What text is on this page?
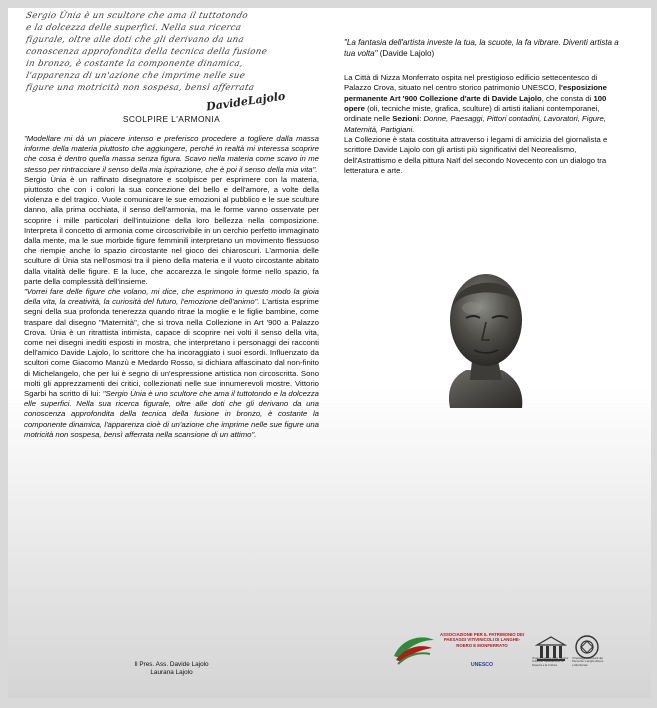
Sergio Ùnia è un scultore che ama il tuttotondo
e la dolcezza delle superfici. Nella sua ricerca
figurale, oltre alle doti che gli derivano da una
conoscenza approfondita della tecnica della fusione
in bronzo, è costante la componente dinamica,
l'apparenza di un'azione che imprime nelle sue
figure una motricità non sospesa, bensì afferrata
DavideLajolo
SCOLPIRE L'ARMONIA

"Modellare mi dà un piacere intenso e preferisco procedere a togliere dalla massa informe della materia piuttosto che aggiungere, perché in realtà mi interessa scoprire che cosa è dentro quella massa senza figura. Scavo nella materia come scavo in me stesso per rintracciare il senso della mia ispirazione, che è poi il senso della mia vita".
Sergio Ùnia è un raffinato disegnatore e scolpisce per esprimere con la materia, piuttosto che con i colori la sua concezione del bello e dell'amore, a volte della violenza e del tragico. Vuole comunicare le sue emozioni al pubblico e le sue sculture danno, alla prima occhiata, il senso dell'armonia, ma le forme vanno osservate per scoprire i mille particolari dell'intuizione della loro bellezza nella composizione. Interpreta il concetto di armonia come circoscrivibile in un cerchio perfetto immaginato dalla mente, ma le sue morbide figure femminili interpretano un movimento flessuoso che riempie anche lo spazio circostante nel gioco dei chiaroscuri. L'armonia delle sculture di Ùnia sta nell'osmosi tra il pieno della materia e il vuoto circostante abitato dalla vitalità delle figure. E la luce, che accarezza le singole forme nello spazio, fa parte della complessità dell'insieme.
"Vorrei fare delle figure che volano, mi dice, che esprimono in questo modo la gioia della vita, la creatività, la curiosità del futuro, l'emozione dell'animo". L'artista esprime segni della sua profonda tenerezza quando ritrae la moglie e le figlie bambine, come traspare dal disegno "Maternità", che si trova nella Collezione in Art '900 a Palazzo Crova. Ùnia è un ritrattista intimista, capace di scoprire nei volti il senso della vita, come nei disegni inediti esposti in mostra, che interpretano i personaggi dei racconti dell'amico Davide Lajolo, lo scrittore che ha incoraggiato i suoi esordi. Influenzato da scultori come Giacomo Manzù e Medardo Rosso, si dichiara affascinato dal non-finito di Michelangelo, che per lui è segno di un'espressione artistica non circoscritta. Sono molti gli apprezzamenti dei critici, collezionati nelle sue innumerevoli mostre. Vittorio Sgarbi ha scritto di lui: "Sergio Ùnia è uno scultore che ama il tuttotondo e la dolcezza elle superfici. Nella sua ricerca figurale, oltre alle doti che gli derivano da una conoscenza approfondita della tecnica della fusione in bronzo, è costante la componente dinamica, l'apparenza cioè di un'azione che imprime nelle sue figure una motricità non sospesa, bensì afferrata nella scansione di un attimo".

Il Pres. Ass. Davide Lajolo
Laurana Lajolo

"La fantasia dell'artista investe la tua, la scuote, la fa vibrare. Diventi artista a tua volta" (Davide Lajolo)

La Città di Nizza Monferrato ospita nel prestigioso edificio settecentesco di Palazzo Crova, situato nel centro storico patrimonio UNESCO, l'esposizione permanente Art '900 Collezione d'arte di Davide Lajolo, che consta di 100 opere (oli, tecniche miste, grafica, sculture) di artisti italiani contemporanei, ordinate nelle Sezioni: Donne, Paesaggi, Pittori contadini, Lavoratori, Figure, Maternità, Partigiani.
La Collezione è stata costituita attraverso i legami di amicizia del giornalista e scrittore Davide Lajolo con gli artisti più significativi del Neorealismo, dell'Astrattismo e della pittura Naïf del secondo Novecento con un dialogo tra letteratura e arte.

ASSOCIAZIONE PER IL PATRIMONIO DEI PAESAGGI VITIVINICOLI DI LANGHE-ROERO E MONFERRATO
UNESCO
Organizzazione delle Nazioni Unite per l'Educazione, la Scienza e la Cultura
I Paesaggi Vitivinicoli del Piemonte: Langhe-Roero e Monferrato
